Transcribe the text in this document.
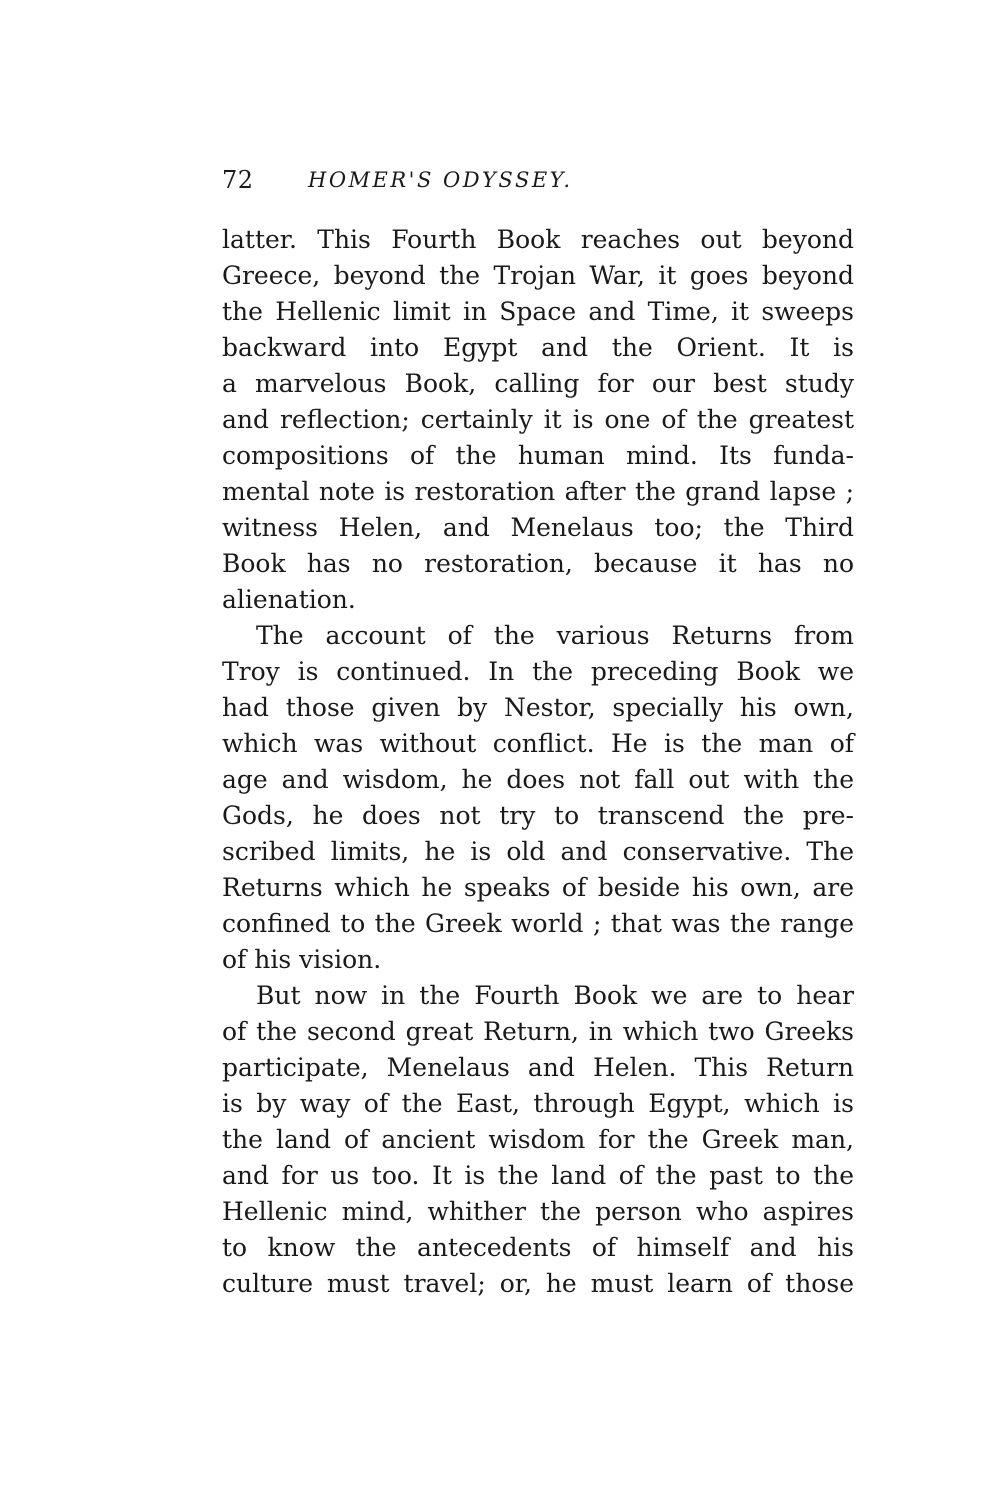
72	HOMER'S ODYSSEY.
latter. This Fourth Book reaches out beyond
Greece, beyond the Trojan War, it goes beyond
the Hellenic limit in Space and Time, it sweeps
backward into Egypt and the Orient. It is
a marvelous Book, calling for our best study
and reflection; certainly it is one of the greatest
compositions of the human mind. Its funda-
mental note is restoration after the grand lapse ;
witness Helen, and Menelaus too; the Third
Book has no restoration, because it has no
alienation.
The account of the various Returns from
Troy is continued. In the preceding Book we
had those given by Nestor, specially his own,
which was without conflict. He is the man of
age and wisdom, he does not fall out with the
Gods, he does not try to transcend the pre-
scribed limits, he is old and conservative. The
Returns which he speaks of beside his own, are
confined to the Greek world ; that was the range
of his vision.
But now in the Fourth Book we are to hear
of the second great Return, in which two Greeks
participate, Menelaus and Helen. This Return
is by way of the East, through Egypt, which is
the land of ancient wisdom for the Greek man,
and for us too. It is the land of the past to the
Hellenic mind, whither the person who aspires
to know the antecedents of himself and his
culture must travel; or, he must learn of those
